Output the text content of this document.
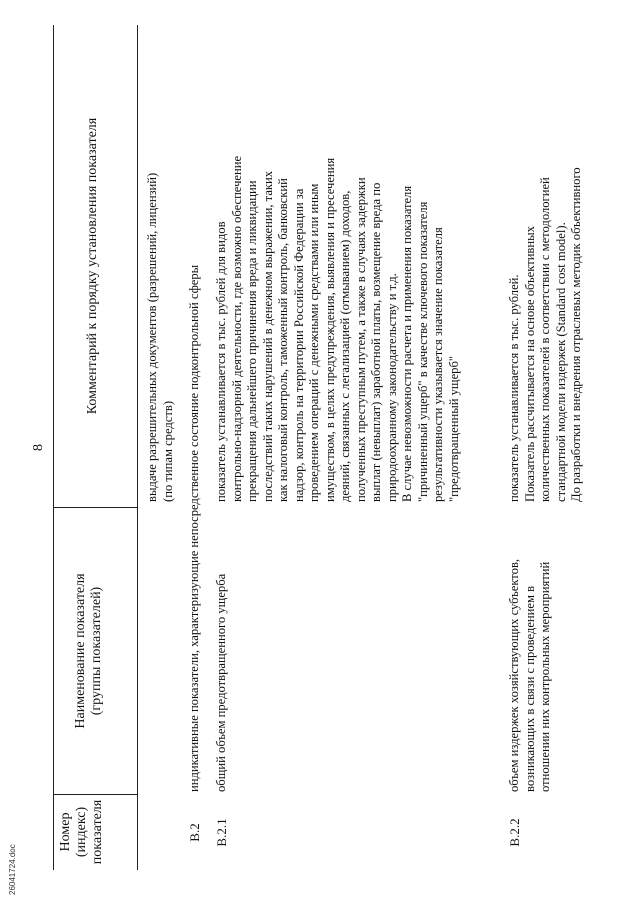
8
Номер (индекс) показателя
Наименование показателя (группы показателей)
Комментарий к порядку установления показателя	выдаче разрешительных документов (разрешений, лицензий) (по типам средств)
В.2
индикативные показатели, характеризующие непосредственное состояние подконтрольной сферы
В.2.1
общий объем предотвращенного ущерба
показатель устанавливается в тыс. рублей для видов контрольно-надзорной деятельности, где возможно обеспечение прекращения дальнейшего причинения вреда и ликвидации последствий таких нарушений в денежном выражении, таких как налоговый контроль, таможенный контроль, банковский надзор, контроль на территории Российской Федерации за проведением операций с денежными средствами или иным имуществом, в целях предупреждения, выявления и пресечения деяний, связанных с легализацией (отмыванием) доходов, полученных преступным путем, а также в случаях задержки выплат (невыплат) заработной платы, возмещение вреда по природоохранному законодательству и т.д. В случае невозможности расчета и применения показателя "причиненный ущерб" в качестве ключевого показателя результативности указывается значение показателя "предотвращенный ущерб"
В.2.2
объем издержек хозяйствующих субъектов, возникающих в связи с проведением в отношении них контрольных мероприятий
показатель устанавливается в тыс. рублей. Показатель рассчитывается на основе объективных количественных показателей в соответствии с методологией стандартной модели издержек (Standard cost model). До разработки и внедрения отраслевых методик объективного
26041724.doc
